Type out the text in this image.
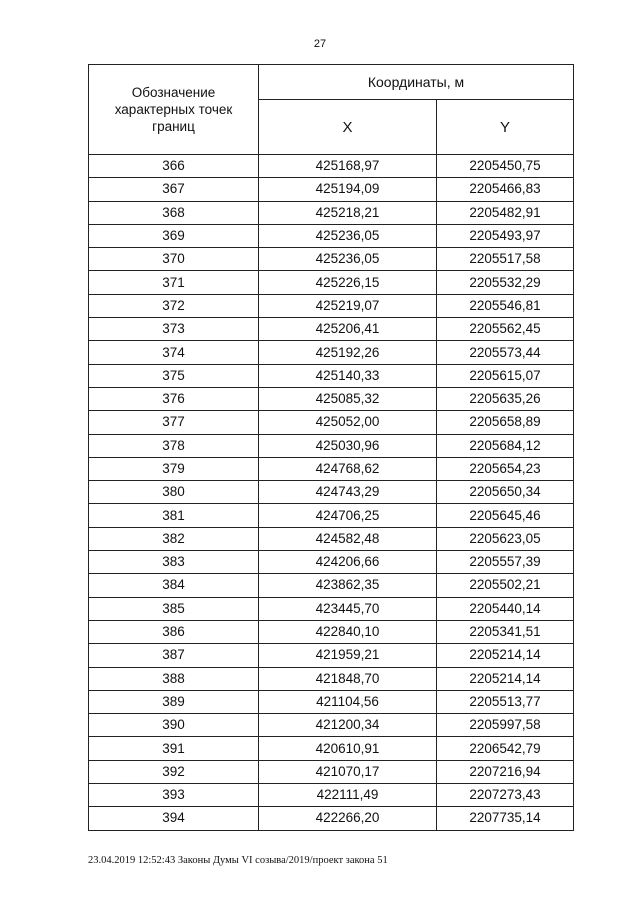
27
Обозначение характерных точек границ	Координаты, м	
	X	Y
366	425168,97	2205450,75
367	425194,09	2205466,83
368	425218,21	2205482,91
369	425236,05	2205493,97
370	425236,05	2205517,58
371	425226,15	2205532,29
372	425219,07	2205546,81
373	425206,41	2205562,45
374	425192,26	2205573,44
375	425140,33	2205615,07
376	425085,32	2205635,26
377	425052,00	2205658,89
378	425030,96	2205684,12
379	424768,62	2205654,23
380	424743,29	2205650,34
381	424706,25	2205645,46
382	424582,48	2205623,05
383	424206,66	2205557,39
384	423862,35	2205502,21
385	423445,70	2205440,14
386	422840,10	2205341,51
387	421959,21	2205214,14
388	421848,70	2205214,14
389	421104,56	2205513,77
390	421200,34	2205997,58
391	420610,91	2206542,79
392	421070,17	2207216,94
393	422111,49	2207273,43
394	422266,20	2207735,14
23.04.2019 12:52:43 Законы Думы VI созыва/2019/проект закона 51
